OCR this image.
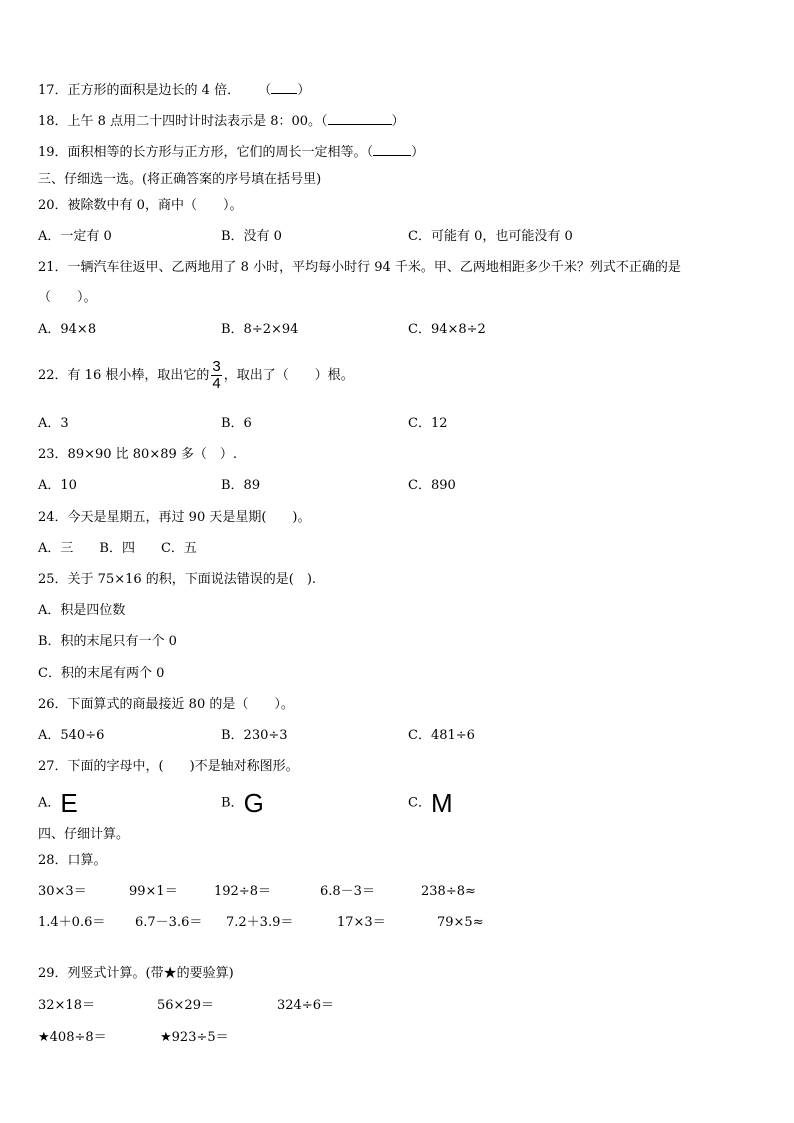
17．正方形的面积是边长的 4 倍． （ ）
18．上午 8 点用二十四时计时法表示是 8：00。（	）
19．面积相等的长方形与正方形，它们的周长一定相等。（	）
三、仔细选一选。(将正确答案的序号填在括号里)
20．被除数中有 0，商中（　　）。
A．一定有 0	B．没有 0	C．可能有 0，也可能没有 0
21．一辆汽车往返甲、乙两地用了 8 小时，平均每小时行 94 千米。甲、乙两地相距多少千米？列式不正确的是
（　　）。
A．94×8	B．8÷2×94	C．94×8÷2
22．有 16 根小棒，取出它的 $\frac{3}{4}$ ，取出了（　　）根。
A．3	B．6	C．12
23．89×90 比 80×89 多（　）.
A．10	B．89	C．890
24．今天是星期五，再过 90 天是星期(　　)。
A．三　　B．四　　C．五
25．关于 75×16 的积，下面说法错误的是(　).
A．积是四位数
B．积的末尾只有一个 0
C．积的末尾有两个 0
26．下面算式的商最接近 80 的是（　　）。
A．540÷6	B．230÷3	C．481÷6
27．下面的字母中，(　　)不是轴对称图形。
A．E	B．G	C．M
四、仔细计算。
28．口算。
30×3＝	99×1＝	192÷8＝	6.8－3＝	238÷8≈
1.4＋0.6＝ 6.7－3.6＝ 7.2＋3.9＝	17×3＝	79×5≈
29．列竖式计算。(带★的要验算)
32×18＝	56×29＝	324÷6＝
★408÷8＝	★923÷5＝
